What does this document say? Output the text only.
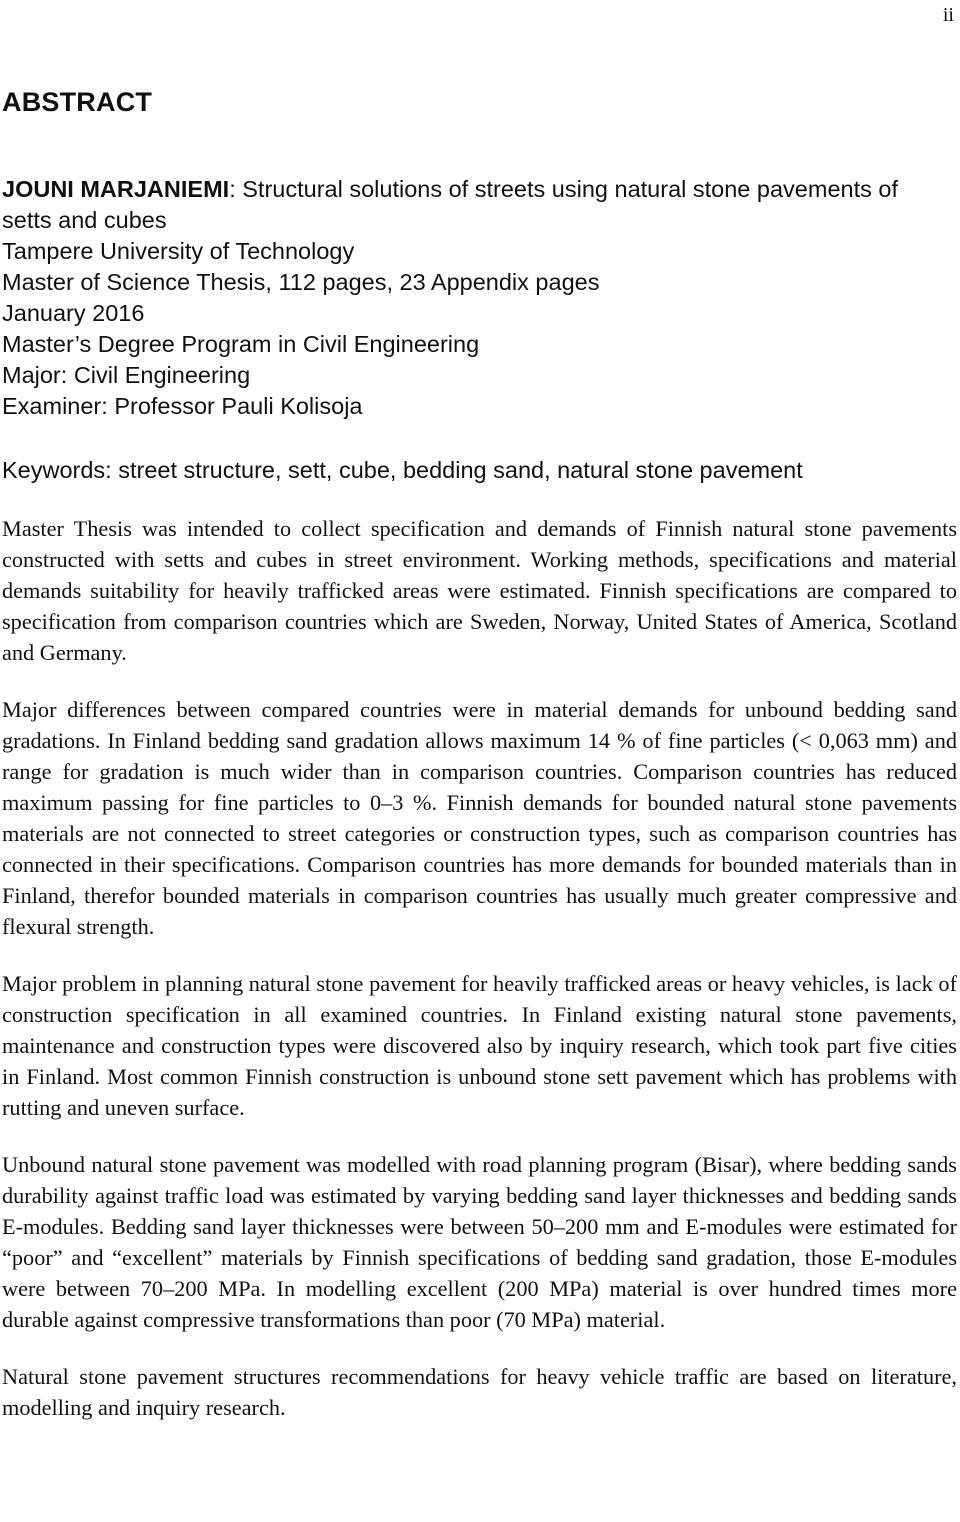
ii
ABSTRACT
JOUNI MARJANIEMI: Structural solutions of streets using natural stone pavements of setts and cubes
Tampere University of Technology
Master of Science Thesis, 112 pages, 23 Appendix pages
January 2016
Master’s Degree Program in Civil Engineering
Major: Civil Engineering
Examiner: Professor Pauli Kolisoja
Keywords: street structure, sett, cube, bedding sand, natural stone pavement

Master Thesis was intended to collect specification and demands of Finnish natural stone pavements constructed with setts and cubes in street environment. Working methods, specifications and material demands suitability for heavily trafficked areas were estimated. Finnish specifications are compared to specification from comparison countries which are Sweden, Norway, United States of America, Scotland and Germany.

Major differences between compared countries were in material demands for unbound bedding sand gradations. In Finland bedding sand gradation allows maximum 14 % of fine particles (< 0,063 mm) and range for gradation is much wider than in comparison countries. Comparison countries has reduced maximum passing for fine particles to 0–3 %. Finnish demands for bounded natural stone pavements materials are not connected to street categories or construction types, such as comparison countries has connected in their specifications. Comparison countries has more demands for bounded materials than in Finland, therefor bounded materials in comparison countries has usually much greater compressive and flexural strength.

Major problem in planning natural stone pavement for heavily trafficked areas or heavy vehicles, is lack of construction specification in all examined countries. In Finland existing natural stone pavements, maintenance and construction types were discovered also by inquiry research, which took part five cities in Finland. Most common Finnish construction is unbound stone sett pavement which has problems with rutting and uneven surface.

Unbound natural stone pavement was modelled with road planning program (Bisar), where bedding sands durability against traffic load was estimated by varying bedding sand layer thicknesses and bedding sands E-modules. Bedding sand layer thicknesses were between 50–200 mm and E-modules were estimated for “poor” and “excellent” materials by Finnish specifications of bedding sand gradation, those E-modules were between 70–200 MPa. In modelling excellent (200 MPa) material is over hundred times more durable against compressive transformations than poor (70 MPa) material.

Natural stone pavement structures recommendations for heavy vehicle traffic are based on literature, modelling and inquiry research.
